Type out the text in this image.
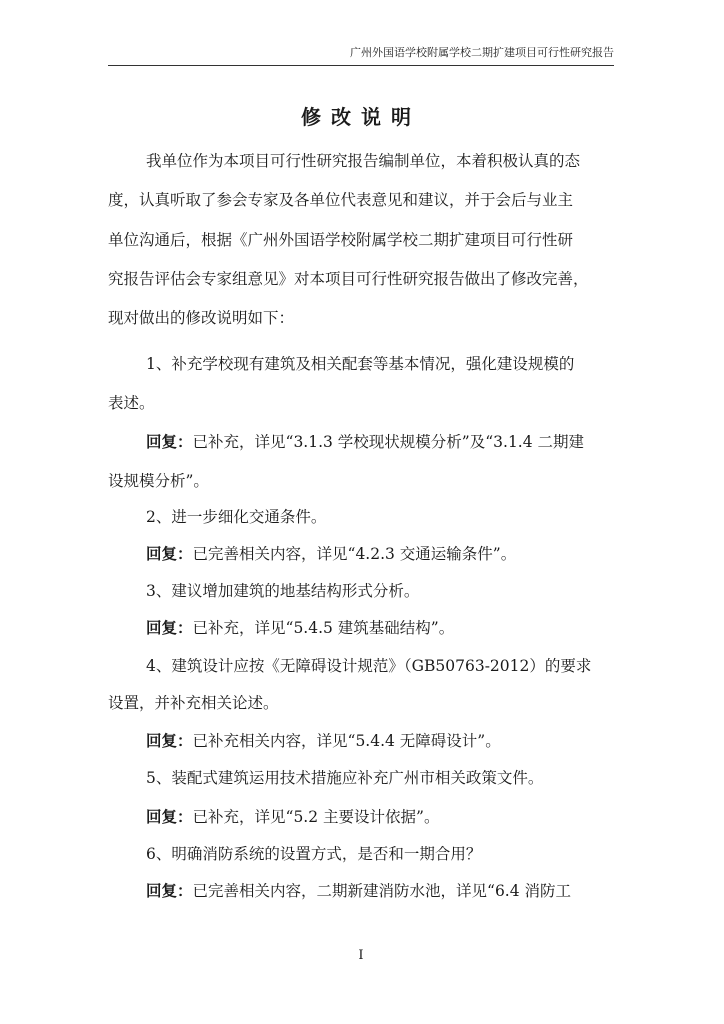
广州外国语学校附属学校二期扩建项目可行性研究报告
修改说明
我单位作为本项目可行性研究报告编制单位，本着积极认真的态
度，认真听取了参会专家及各单位代表意见和建议，并于会后与业主
单位沟通后，根据《广州外国语学校附属学校二期扩建项目可行性研
究报告评估会专家组意见》对本项目可行性研究报告做出了修改完善，
现对做出的修改说明如下：
1、补充学校现有建筑及相关配套等基本情况，强化建设规模的
表述。
回复：已补充，详见“3.1.3 学校现状规模分析”及“3.1.4 二期建
设规模分析”。
2、进一步细化交通条件。
回复：已完善相关内容，详见“4.2.3 交通运输条件”。
3、建议增加建筑的地基结构形式分析。
回复：已补充，详见“5.4.5 建筑基础结构”。
4、建筑设计应按《无障碍设计规范》（GB50763-2012）的要求
设置，并补充相关论述。
回复：已补充相关内容，详见“5.4.4 无障碍设计”。
5、装配式建筑运用技术措施应补充广州市相关政策文件。
回复：已补充，详见“5.2 主要设计依据”。
6、明确消防系统的设置方式，是否和一期合用？
回复：已完善相关内容，二期新建消防水池，详见“6.4 消防工
I
